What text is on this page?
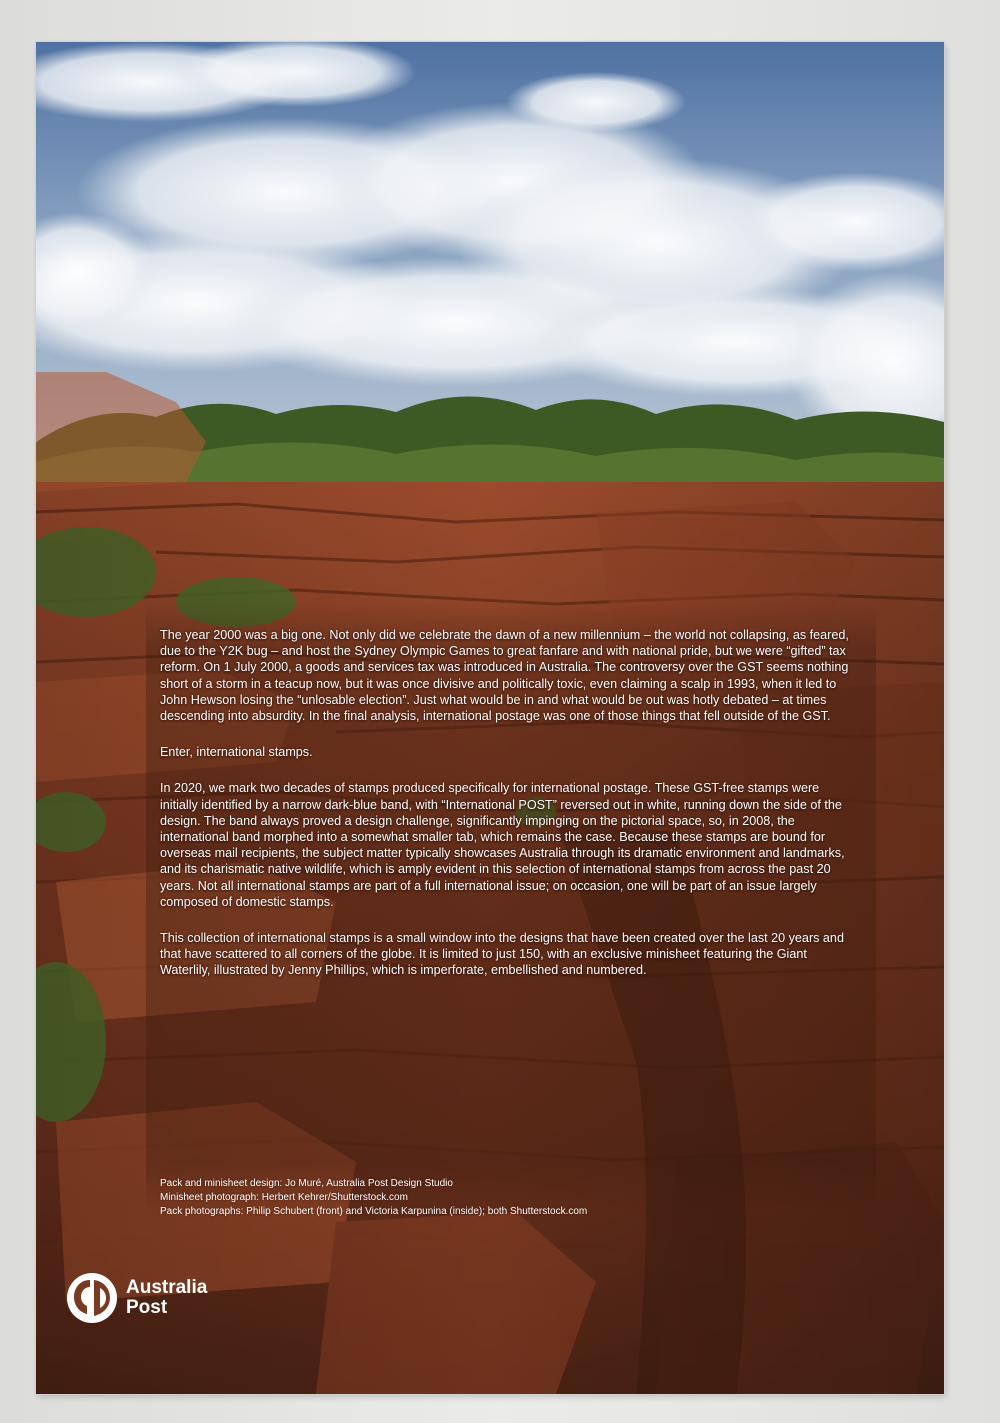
The year 2000 was a big one. Not only did we celebrate the dawn of a new millennium – the world not collapsing, as feared, due to the Y2K bug – and host the Sydney Olympic Games to great fanfare and with national pride, but we were “gifted” tax reform. On 1 July 2000, a goods and services tax was introduced in Australia. The controversy over the GST seems nothing short of a storm in a teacup now, but it was once divisive and politically toxic, even claiming a scalp in 1993, when it led to John Hewson losing the “unlosable election”. Just what would be in and what would be out was hotly debated – at times descending into absurdity. In the final analysis, international postage was one of those things that fell outside of the GST.

Enter, international stamps.

In 2020, we mark two decades of stamps produced specifically for international postage. These GST-free stamps were initially identified by a narrow dark-blue band, with “International POST” reversed out in white, running down the side of the design. The band always proved a design challenge, significantly impinging on the pictorial space, so, in 2008, the international band morphed into a somewhat smaller tab, which remains the case. Because these stamps are bound for overseas mail recipients, the subject matter typically showcases Australia through its dramatic environment and landmarks, and its charismatic native wildlife, which is amply evident in this selection of international stamps from across the past 20 years. Not all international stamps are part of a full international issue; on occasion, one will be part of an issue largely composed of domestic stamps.

This collection of international stamps is a small window into the designs that have been created over the last 20 years and that have scattered to all corners of the globe. It is limited to just 150, with an exclusive minisheet featuring the Giant Waterlily, illustrated by Jenny Phillips, which is imperforate, embellished and numbered.

Pack and minisheet design: Jo Muré, Australia Post Design Studio
Minisheet photograph: Herbert Kehrer/Shutterstock.com
Pack photographs: Philip Schubert (front) and Victoria Karpunina (inside); both Shutterstock.com
Australia
Post
